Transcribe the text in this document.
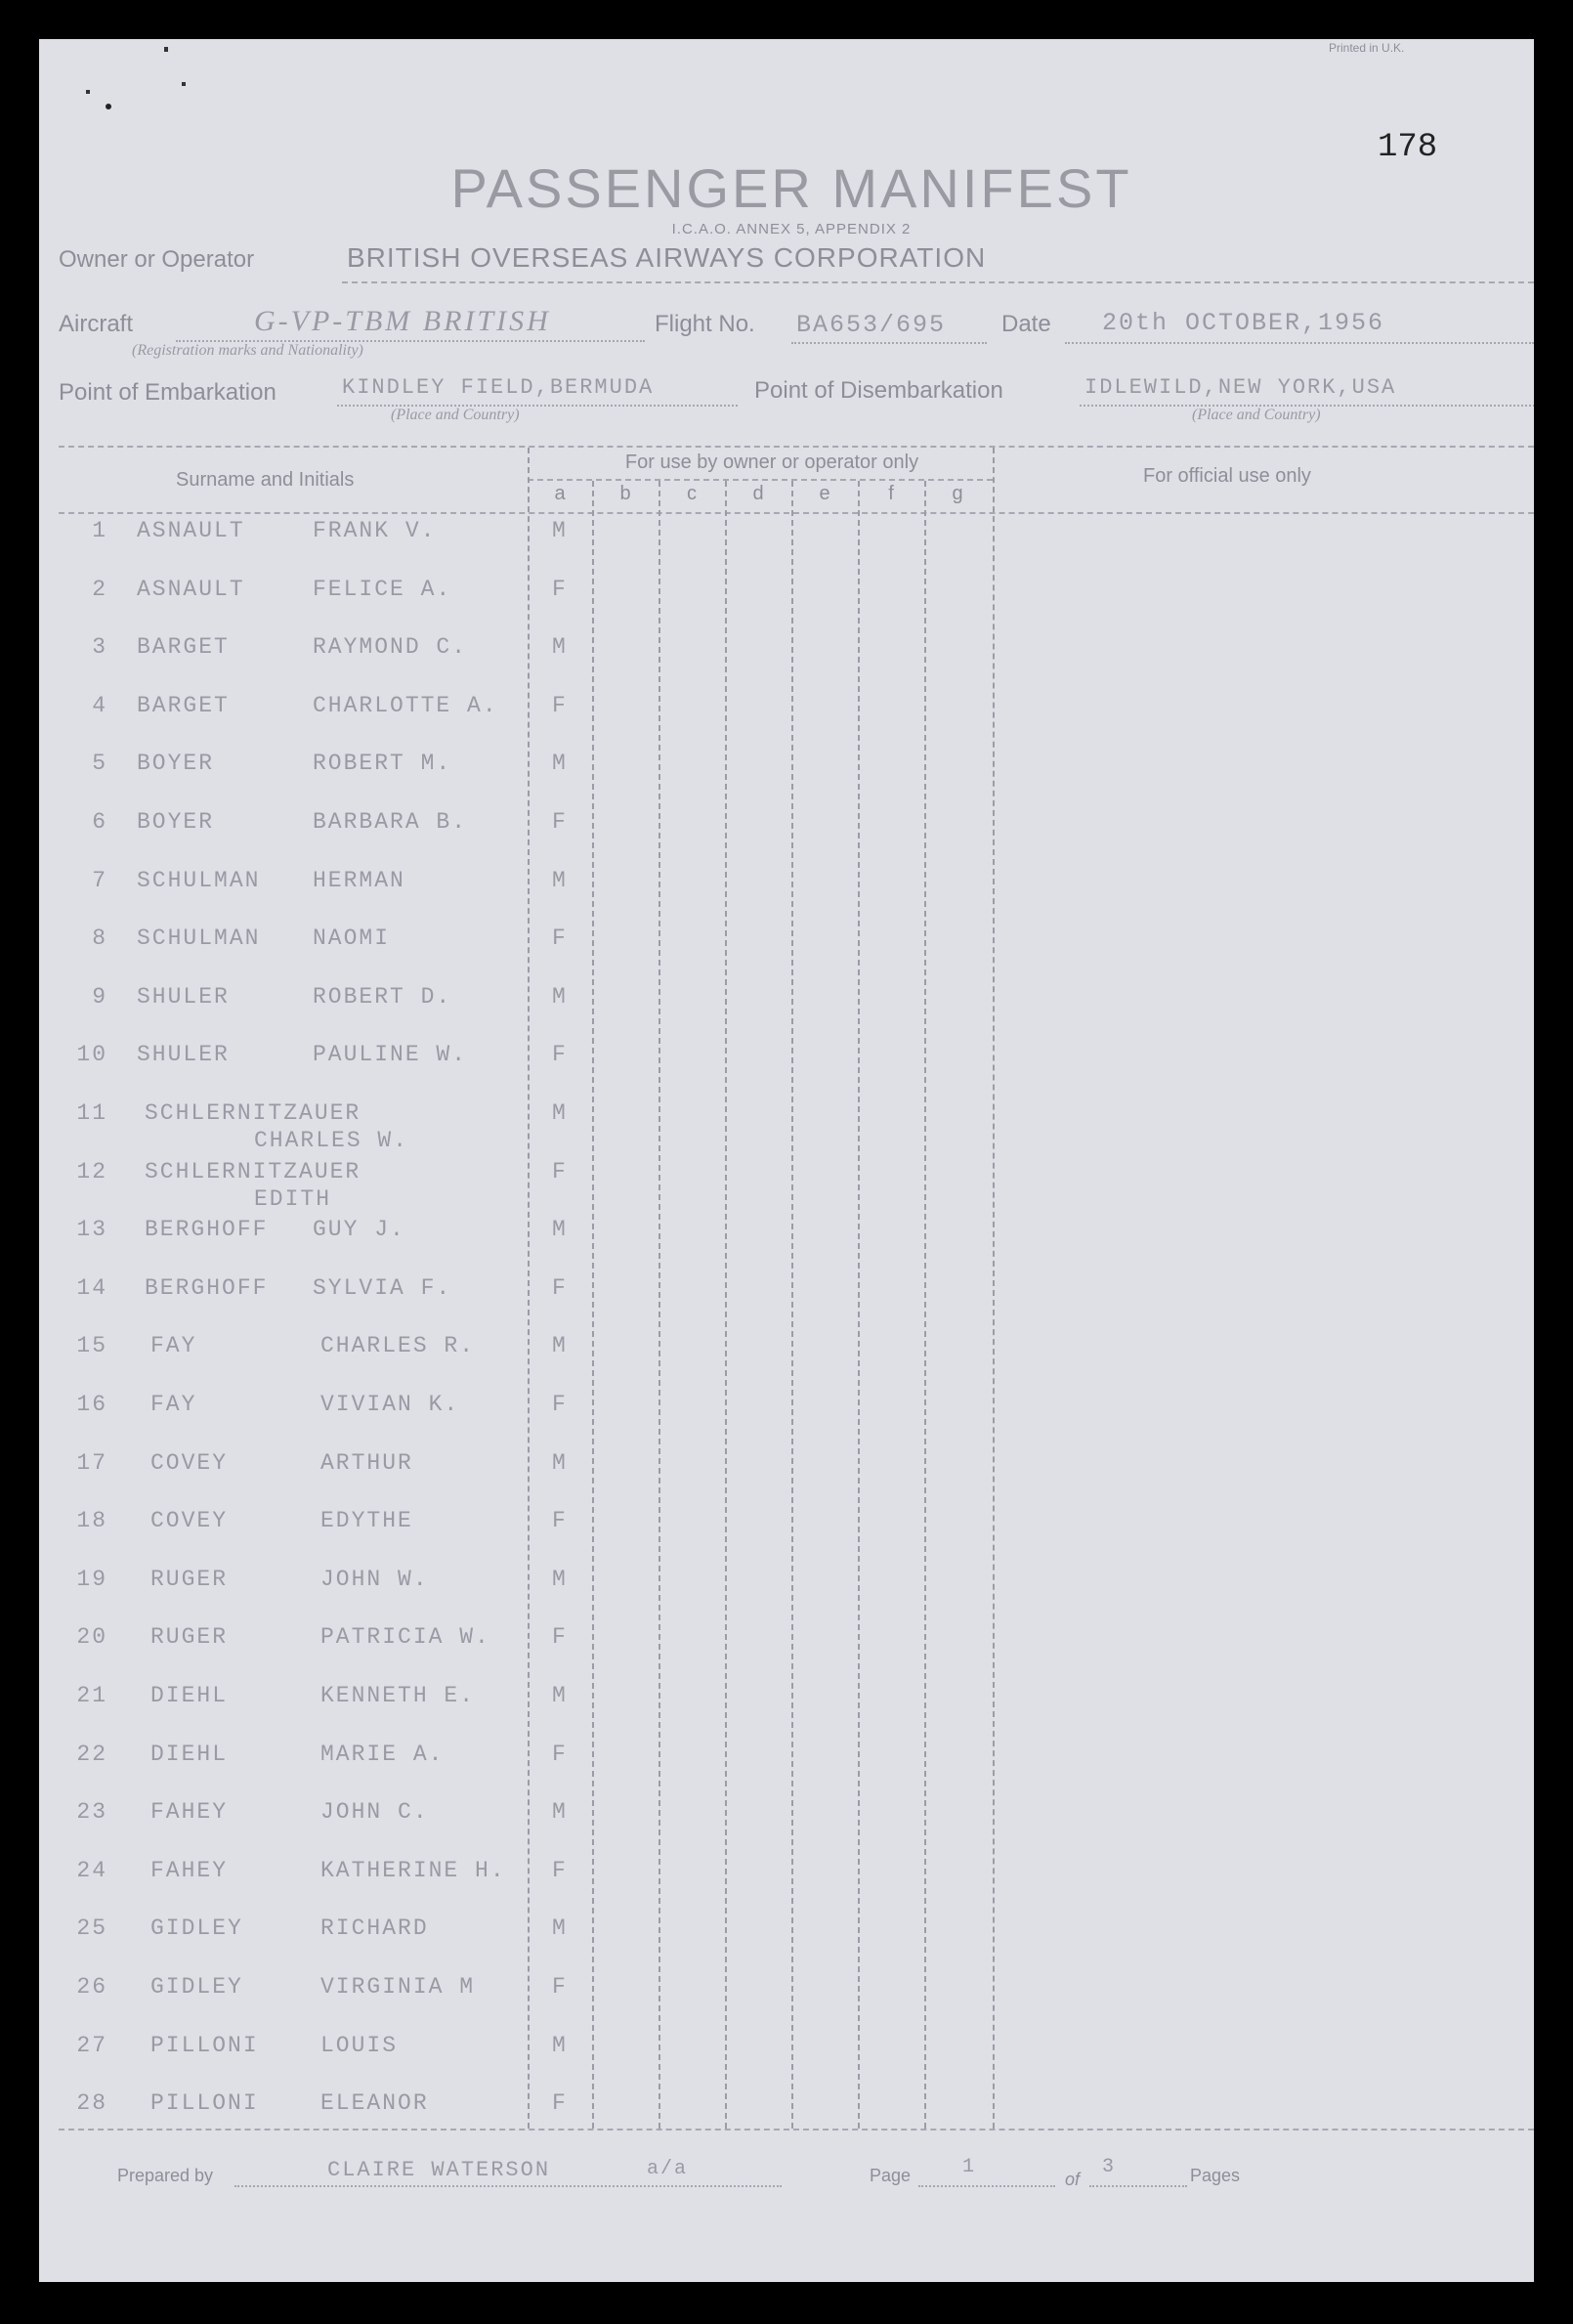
Printed in U.K.
178
PASSENGER MANIFEST
I.C.A.O. ANNEX 5, APPENDIX 2
Owner or Operator	BRITISH OVERSEAS AIRWAYS CORPORATION
Aircraft	G-VP-TBM BRITISH
(Registration marks and Nationality)
Flight No. BA653/695 Date 20th OCTOBER,1956
Point of Embarkation	KINDLEY FIELD,BERMUDA
(Place and Country)
Point of Disembarkation	IDLEWILD,NEW YORK,USA
(Place and Country)
Surname and Initials
For use by owner or operator only
For official use only
a	b	c	d	e	f	g
1 ASNAULT	FRANK V.	M
2 ASNAULT	FELICE A.	F
3 BARGET	RAYMOND C.	M
4 BARGET	CHARLOTTE A. F
5 BOYER	ROBERT M.	M
6 BOYER	BARBARA B.	F
7 SCHULMAN HERMAN	M
8 SCHULMAN NAOMI	F
9 SHULER	ROBERT D.	M
10 SHULER	PAULINE W.	F
11 SCHLERNITZAUER
CHARLES W.
M
12 SCHLERNITZAUER
EDITH
F
13 BERGHOFF GUY J.	M
14 BERGHOFF SYLVIA F.	F
15 FAY	CHARLES R.	M
16 FAY	VIVIAN K.	F
17 COVEY	ARTHUR	M
18 COVEY	EDYTHE	F
19 RUGER	JOHN W.	M
20 RUGER	PATRICIA W.	F
21 DIEHL	KENNETH E.	M
22 DIEHL	MARIE A.	F
23 FAHEY	JOHN C.	M
24 FAHEY	KATHERINE H. F
25 GIDLEY	RICHARD	M
26 GIDLEY	VIRGINIA M	F
27 PILLONI	LOUIS	M
28 PILLONI	ELEANOR	F
Prepared by	CLAIRE WATERSON	a/a	Page	1
of
3	Pages
